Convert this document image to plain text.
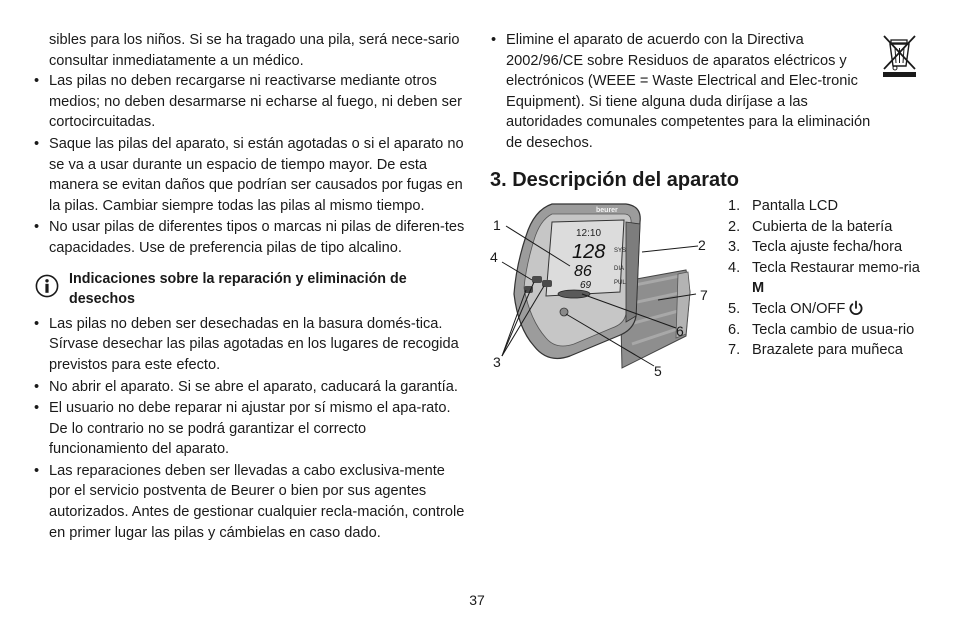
sibles para los niños. Si se ha tragado una pila, será nece-sario consultar inmediatamente a un médico.

• Las pilas no deben recargarse ni reactivarse mediante otros medios; no deben desarmarse ni echarse al fuego, ni deben ser cortocircuitadas.
• Saque las pilas del aparato, si están agotadas o si el aparato no se va a usar durante un espacio de tiempo mayor. De esta manera se evitan daños que podrían ser causados por fugas en la pilas. Cambiar siempre todas las pilas al mismo tiempo.
• No usar pilas de diferentes tipos o marcas ni pilas de diferen-tes capacidades. Use de preferencia pilas de tipo alcalino.
Indicaciones sobre la reparación y eliminación de desechos
• Las pilas no deben ser desechadas en la basura domés-tica. Sírvase desechar las pilas agotadas en los lugares de recogida previstos para este efecto.
• No abrir el aparato. Si se abre el aparato, caducará la garantía.
• El usuario no debe reparar ni ajustar por sí mismo el apa-rato. De lo contrario no se podrá garantizar el correcto funcionamiento del aparato.
• Las reparaciones deben ser llevadas a cabo exclusiva-mente por el servicio postventa de Beurer o bien por sus agentes autorizados. Antes de gestionar cualquier recla-mación, controle en primer lugar las pilas y cámbielas en caso dado.
• Elimine el aparato de acuerdo con la Directiva 2002/96/CE sobre Residuos de aparatos eléctricos y electrónicos (WEEE = Waste Electrical and Elec-tronic Equipment). Si tiene alguna duda diríjase a las autoridades comunales competentes para la eliminación de desechos.
3. Descripción del aparato
beurer
12:10
128
86
69
SYS
DIA
PUL
1
2
3
4
5
6
7
1. Pantalla LCD
2. Cubierta de la batería
3. Tecla ajuste fecha/hora
4. Tecla Restaurar memo-ria M
5. Tecla ON/OFF
6. Tecla cambio de usua-rio
7. Brazalete para muñeca
37
